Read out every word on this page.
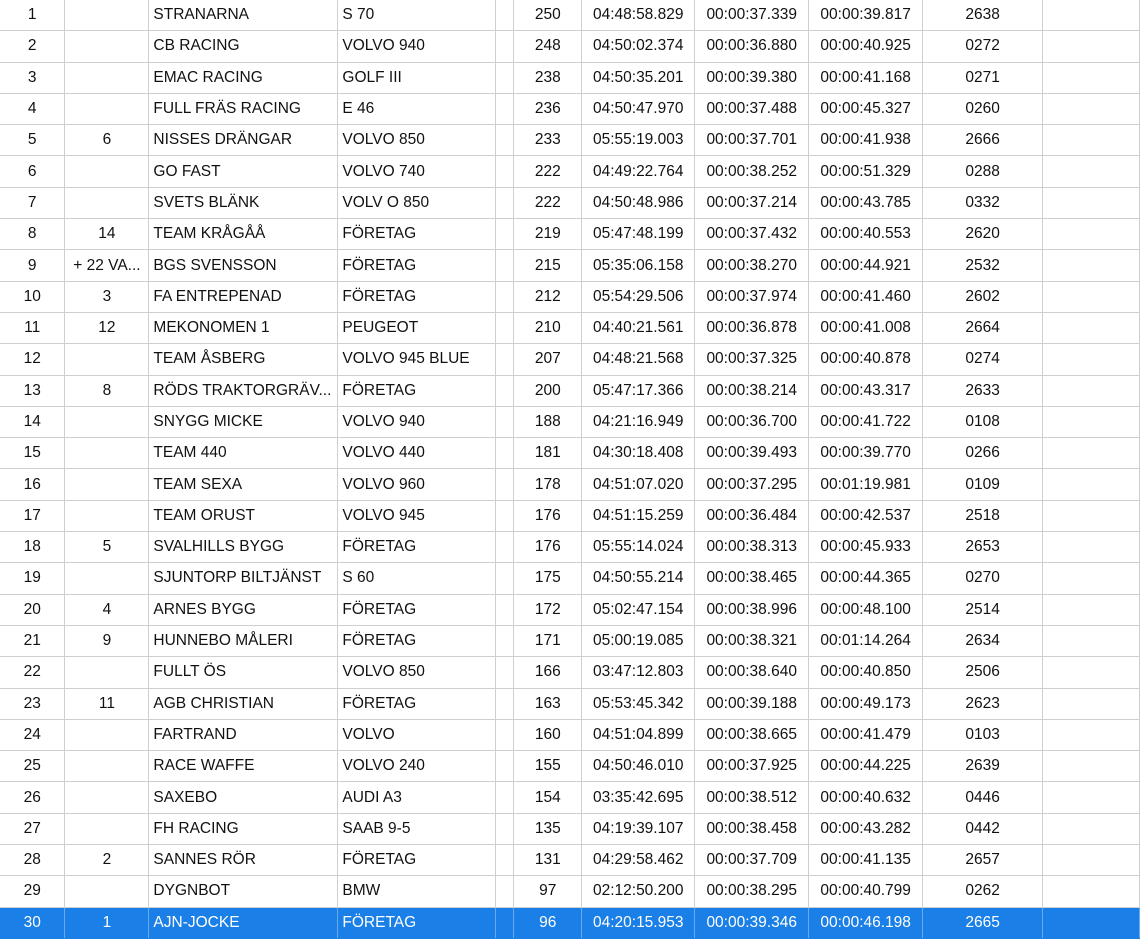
1		STRANARNA	S 70		250	04:48:58.829	00:00:37.339	00:00:39.817	2638	
2		CB RACING	VOLVO 940		248	04:50:02.374	00:00:36.880	00:00:40.925	0272	
3		EMAC RACING	GOLF III		238	04:50:35.201	00:00:39.380	00:00:41.168	0271	
4		FULL FRÄS RACING	E 46		236	04:50:47.970	00:00:37.488	00:00:45.327	0260	
5	6	NISSES DRÄNGAR	VOLVO 850		233	05:55:19.003	00:00:37.701	00:00:41.938	2666	
6		GO FAST	VOLVO 740		222	04:49:22.764	00:00:38.252	00:00:51.329	0288	
7		SVETS BLÄNK	VOLV O 850		222	04:50:48.986	00:00:37.214	00:00:43.785	0332	
8	14	TEAM KRÅGÅÅ	FÖRETAG		219	05:47:48.199	00:00:37.432	00:00:40.553	2620	
9	+ 22 VA...	BGS SVENSSON	FÖRETAG		215	05:35:06.158	00:00:38.270	00:00:44.921	2532	
10	3	FA ENTREPENAD	FÖRETAG		212	05:54:29.506	00:00:37.974	00:00:41.460	2602	
11	12	MEKONOMEN 1	PEUGEOT		210	04:40:21.561	00:00:36.878	00:00:41.008	2664	
12		TEAM ÅSBERG	VOLVO 945 BLUE		207	04:48:21.568	00:00:37.325	00:00:40.878	0274	
13	8	RÖDS TRAKTORGRÄV...	FÖRETAG		200	05:47:17.366	00:00:38.214	00:00:43.317	2633	
14		SNYGG MICKE	VOLVO 940		188	04:21:16.949	00:00:36.700	00:00:41.722	0108	
15		TEAM 440	VOLVO 440		181	04:30:18.408	00:00:39.493	00:00:39.770	0266	
16		TEAM SEXA	VOLVO 960		178	04:51:07.020	00:00:37.295	00:01:19.981	0109	
17		TEAM ORUST	VOLVO 945		176	04:51:15.259	00:00:36.484	00:00:42.537	2518	
18	5	SVALHILLS BYGG	FÖRETAG		176	05:55:14.024	00:00:38.313	00:00:45.933	2653	
19		SJUNTORP BILTJÄNST	S 60		175	04:50:55.214	00:00:38.465	00:00:44.365	0270	
20	4	ARNES BYGG	FÖRETAG		172	05:02:47.154	00:00:38.996	00:00:48.100	2514	
21	9	HUNNEBO MÅLERI	FÖRETAG		171	05:00:19.085	00:00:38.321	00:01:14.264	2634	
22		FULLT ÖS	VOLVO 850		166	03:47:12.803	00:00:38.640	00:00:40.850	2506	
23	11	AGB CHRISTIAN	FÖRETAG		163	05:53:45.342	00:00:39.188	00:00:49.173	2623	
24		FARTRAND	VOLVO		160	04:51:04.899	00:00:38.665	00:00:41.479	0103	
25		RACE WAFFE	VOLVO 240		155	04:50:46.010	00:00:37.925	00:00:44.225	2639	
26		SAXEBO	AUDI A3		154	03:35:42.695	00:00:38.512	00:00:40.632	0446	
27		FH RACING	SAAB 9-5		135	04:19:39.107	00:00:38.458	00:00:43.282	0442	
28	2	SANNES RÖR	FÖRETAG		131	04:29:58.462	00:00:37.709	00:00:41.135	2657	
29		DYGNBOT	BMW		97	02:12:50.200	00:00:38.295	00:00:40.799	0262	
30	1	AJN-JOCKE	FÖRETAG		96	04:20:15.953	00:00:39.346	00:00:46.198	2665	
